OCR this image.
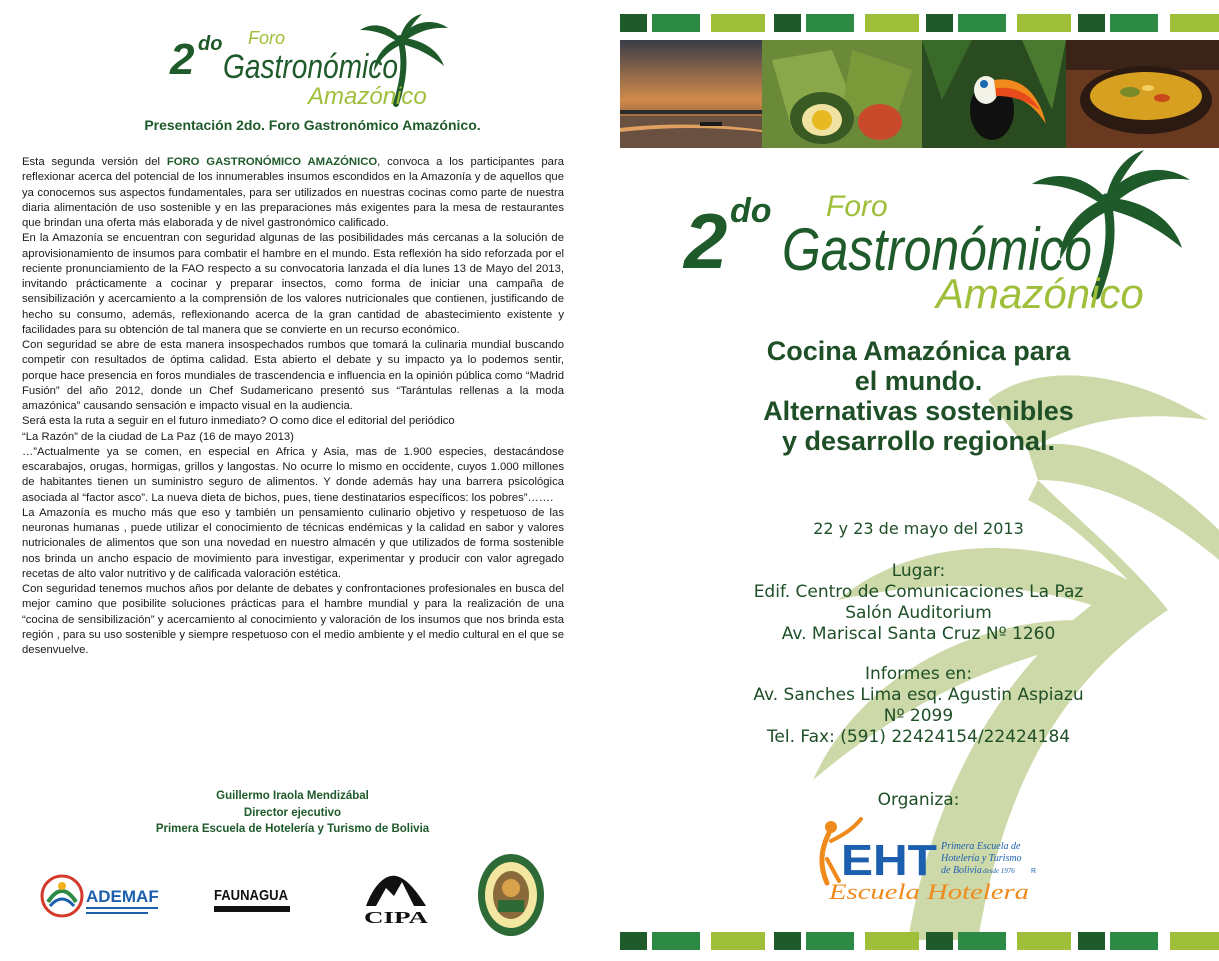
2 do Foro
Gastronómico
Amazónico
Presentación 2do. Foro Gastronómico Amazónico.

Esta segunda versión del FORO GASTRONÓMICO AMAZÓNICO, convoca a los participantes para reflexionar acerca del potencial de los innumerables insumos escondidos en la Amazonía y de aquellos que ya conocemos sus aspectos fundamentales, para ser utilizados en nuestras cocinas como parte de nuestra diaria alimentación de uso sostenible y en las preparaciones más exigentes para la mesa de restaurantes que brindan una oferta más elaborada y de nivel gastronómico calificado.

En la Amazonía se encuentran con seguridad algunas de las posibilidades más cercanas a la solución de aprovisionamiento de insumos para combatir el hambre en el mundo. Esta reflexión ha sido reforzada por el reciente pronunciamiento de la FAO respecto a su convocatoria lanzada el día lunes 13 de Mayo del 2013, invitando prácticamente a cocinar y preparar insectos, como forma de iniciar una campaña de sensibilización y acercamiento a la comprensión de los valores nutricionales que contienen, justificando de hecho su consumo, además, reflexionando acerca de la gran cantidad de abastecimiento existente y facilidades para su obtención de tal manera que se convierte en un recurso económico.

Con seguridad se abre de esta manera insospechados rumbos que tomará la culinaria mundial buscando competir con resultados de óptima calidad. Esta abierto el debate y su impacto ya lo podemos sentir, porque hace presencia en foros mundiales de trascendencia e influencia en la opinión pública como “Madrid Fusión” del año 2012, donde un Chef Sudamericano presentó sus “Tarántulas rellenas a la moda amazónica” causando sensación e impacto visual en la audiencia.

Será esta la ruta a seguir en el futuro inmediato? O como dice el editorial del periódico

“La Razón” de la ciudad de La Paz (16 de mayo 2013)

…”Actualmente ya se comen, en especial en Africa y Asia, mas de 1.900 especies, destacándose escarabajos, orugas, hormigas, grillos y langostas. No ocurre lo mismo en occidente, cuyos 1.000 millones de habitantes tienen un suministro seguro de alimentos. Y donde además hay una barrera psicológica asociada al “factor asco”. La nueva dieta de bichos, pues, tiene destinatarios específicos: los pobres”…….

La Amazonía es mucho más que eso y también un pensamiento culinario objetivo y respetuoso de las neuronas humanas , puede utilizar el conocimiento de técnicas endémicas y la calidad en sabor y valores nutricionales de alimentos que son una novedad en nuestro almacén y que utilizados de forma sostenible nos brinda un ancho espacio de movimiento para investigar, experimentar y producir con valor agregado recetas de alto valor nutritivo y de calificada valoración estética.

Con seguridad tenemos muchos años por delante de debates y confrontaciones profesionales en busca del mejor camino que posibilite soluciones prácticas para el hambre mundial y para la realización de una “cocina de sensibilización” y acercamiento al conocimiento y valoración de los insumos que nos brinda esta región , para su uso sostenible y siempre respetuoso con el medio ambiente y el medio cultural en el que se desenvuelve.

Guillermo Iraola Mendizábal
Director ejecutivo
Primera Escuela de Hotelería y Turismo de Bolivia
ADEMAF	FAUNAGUA
CIPA
2 do Foro
Gastronómico
Amazónico
Cocina Amazónica para
el mundo.
Alternativas sostenibles
y desarrollo regional.
22 y 23 de mayo del 2013
Lugar:
Edif. Centro de Comunicaciones La Paz
Salón Auditorium
Av. Mariscal Santa Cruz Nº 1260
Informes en:
Av. Sanches Lima esq. Agustin Aspiazu
Nº 2099
Tel. Fax: (591) 22424154/22424184
Organiza:
EHT Primera Escuela de
Hotelería y Turismo
de Bolivia desde 1976 R
Escuela Hotelera
